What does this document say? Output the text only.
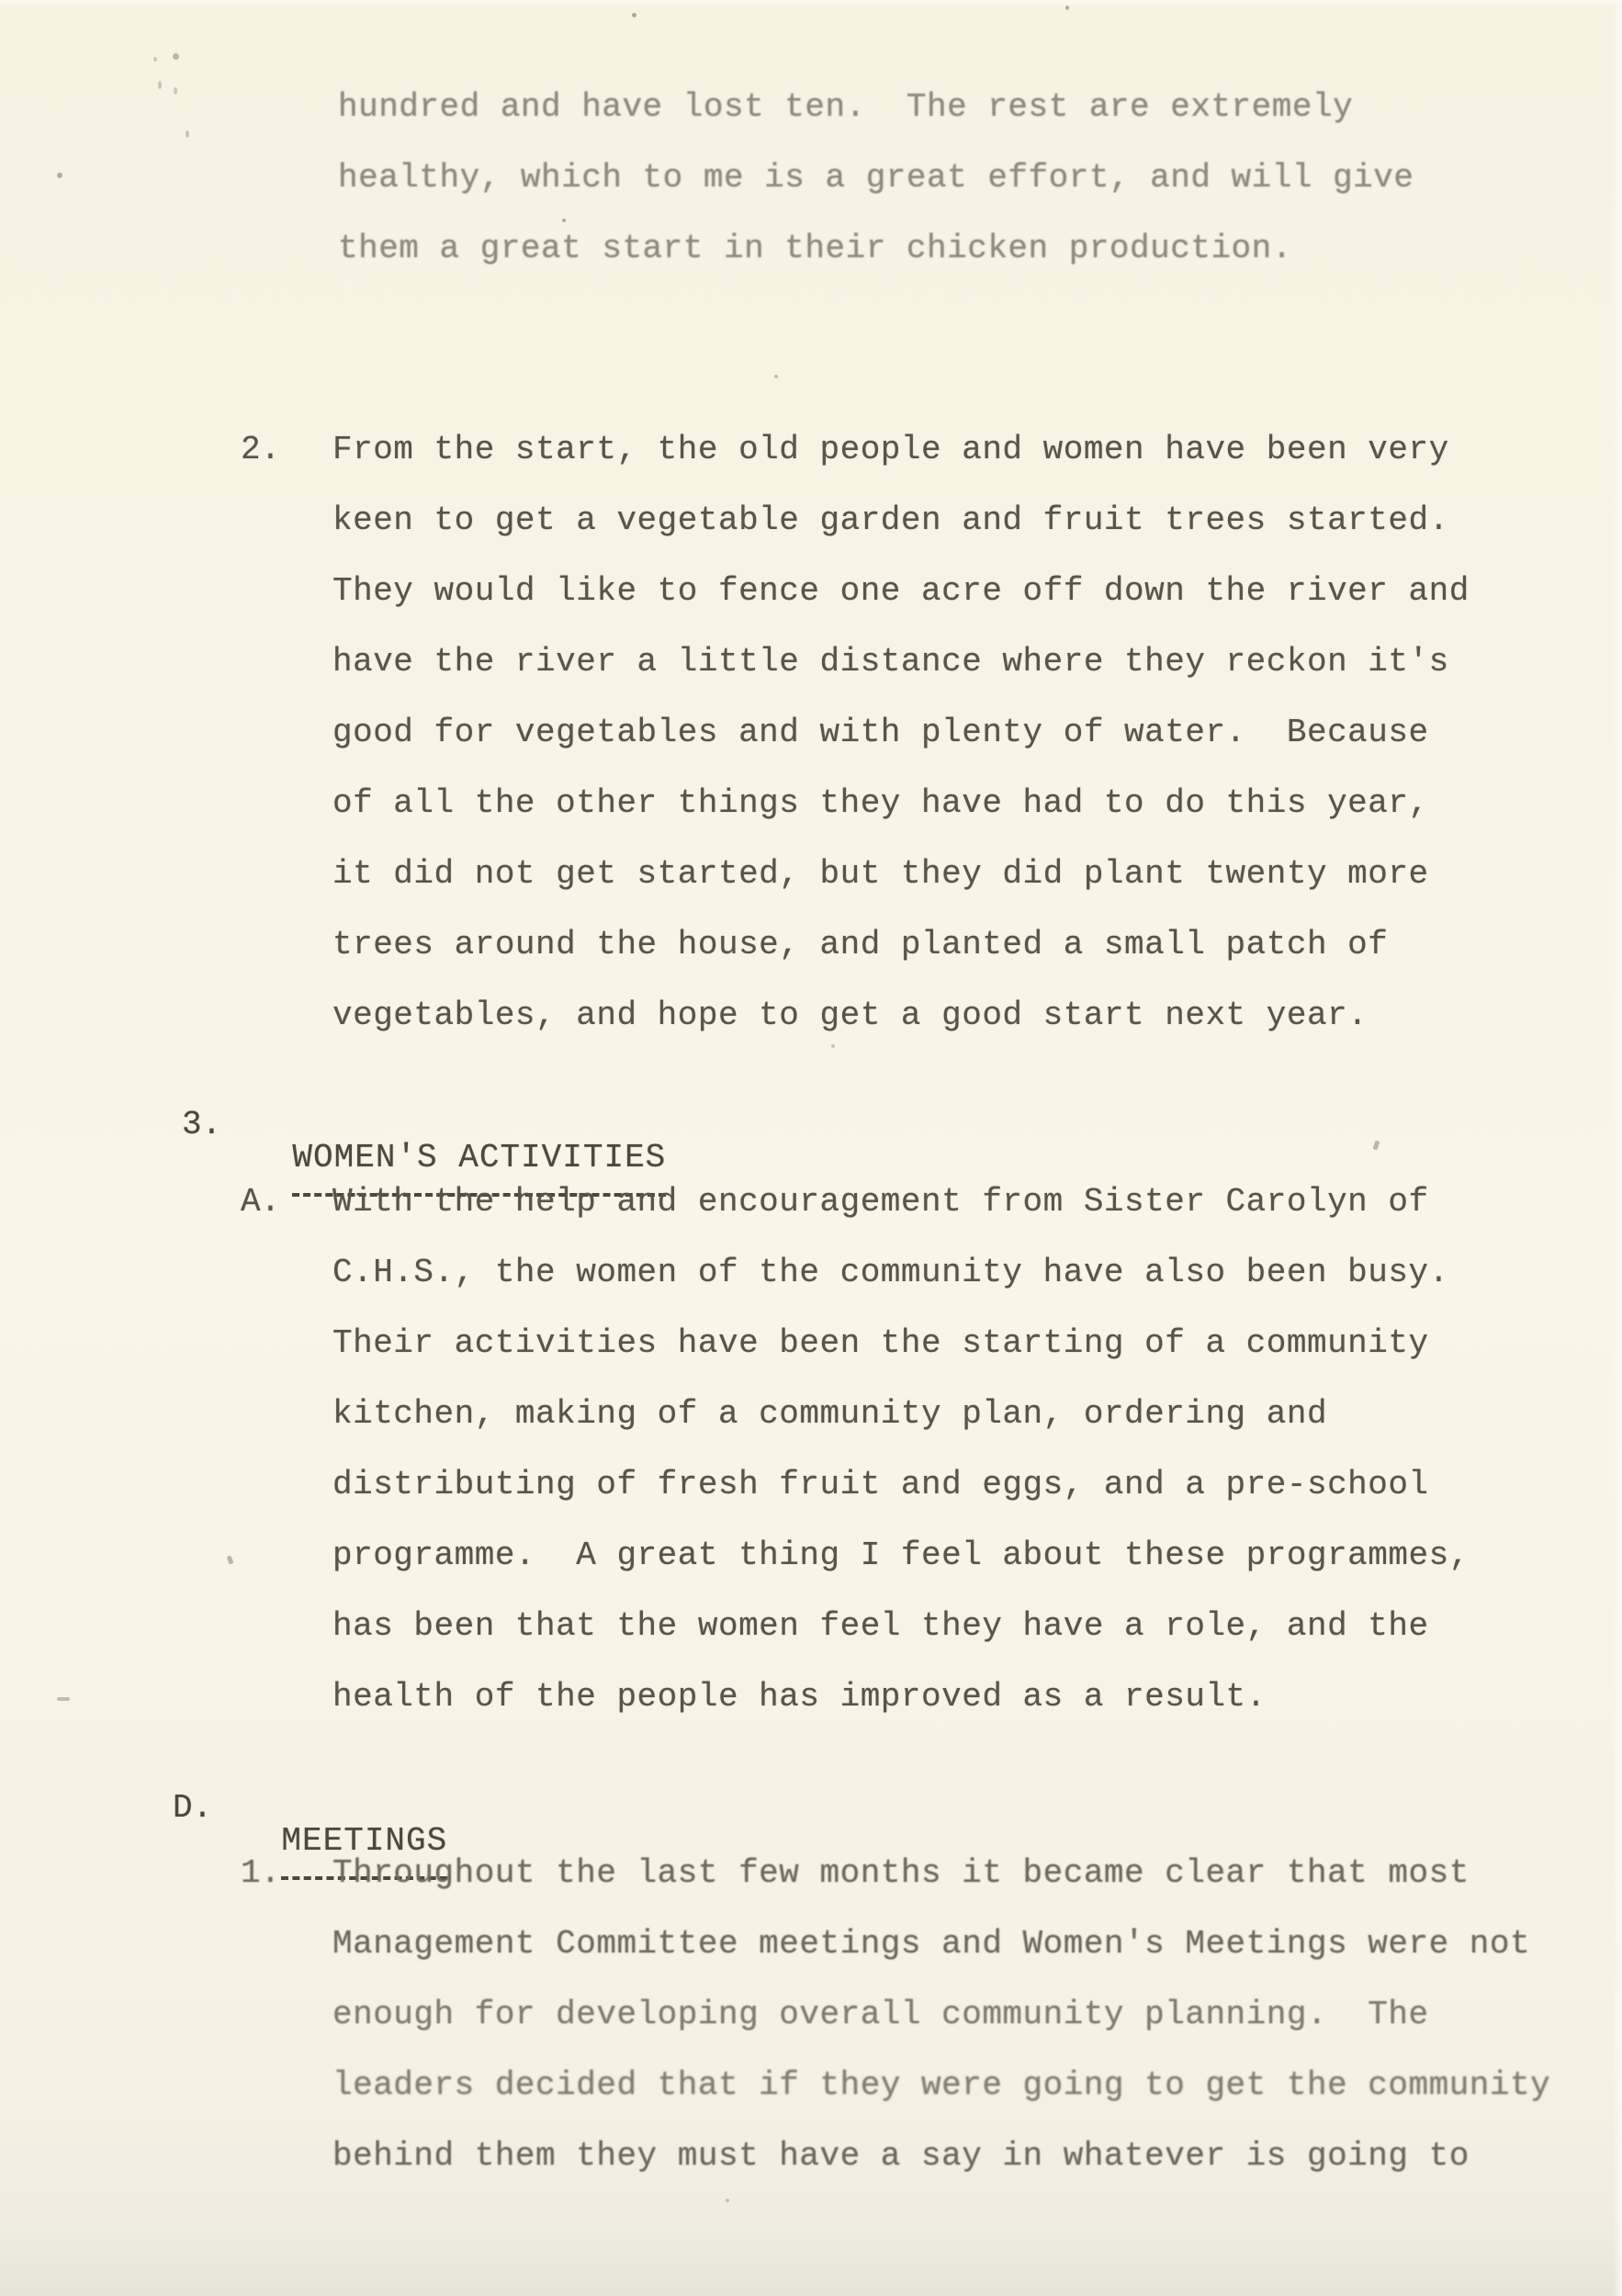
hundred and have lost ten.  The rest are extremely
healthy, which to me is a great effort, and will give
them a great start in their chicken production.
2. From the start, the old people and women have been very
keen to get a vegetable garden and fruit trees started.
They would like to fence one acre off down the river and
have the river a little distance where they reckon it's
good for vegetables and with plenty of water.  Because
of all the other things they have had to do this year,
it did not get started, but they did plant twenty more
trees around the house, and planted a small patch of
vegetables, and hope to get a good start next year.

3.

WOMEN'S ACTIVITIES

A. With the help and encouragement from Sister Carolyn of
C.H.S., the women of the community have also been busy.
Their activities have been the starting of a community
kitchen, making of a community plan, ordering and
distributing of fresh fruit and eggs, and a pre-school
programme.  A great thing I feel about these programmes,
has been that the women feel they have a role, and the
health of the people has improved as a result.

D.

MEETINGS

1. Throughout the last few months it became clear that most
Management Committee meetings and Women's Meetings were not
enough for developing overall community planning.  The
leaders decided that if they were going to get the community
behind them they must have a say in whatever is going to
